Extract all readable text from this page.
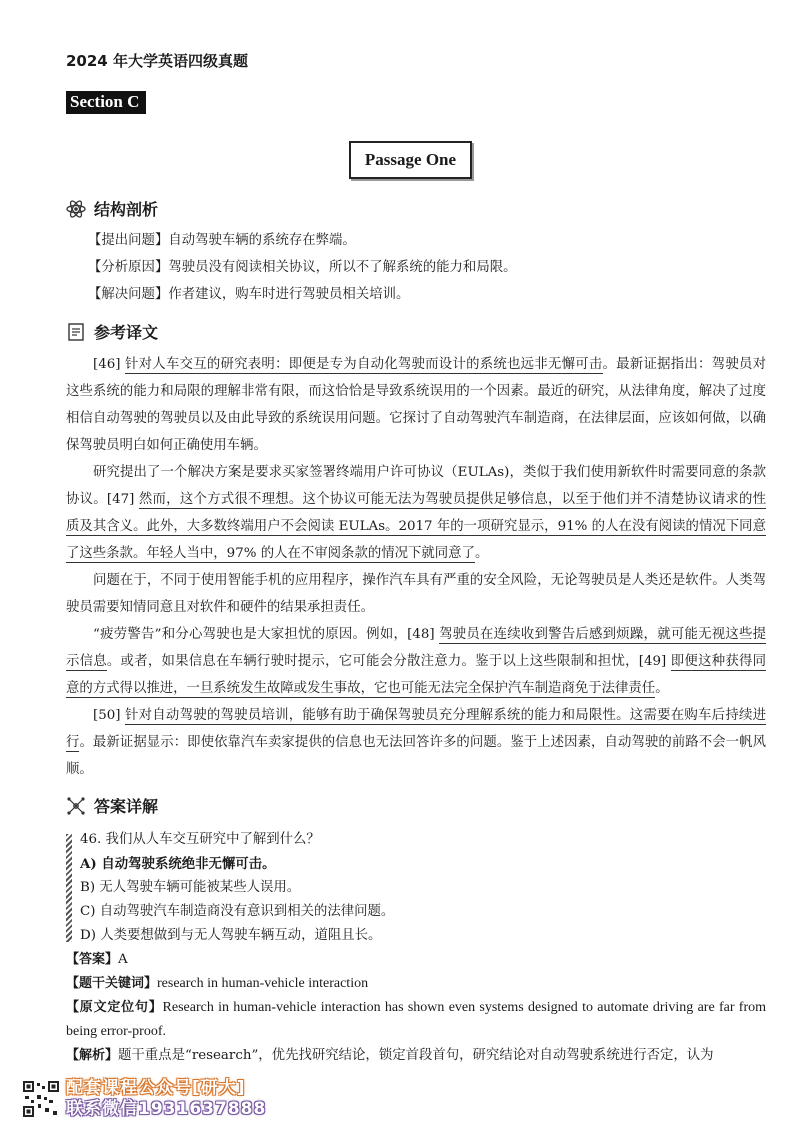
2024 年大学英语四级真题
Section C
Passage One
结构剖析
【提出问题】自动驾驶车辆的系统存在弊端。
【分析原因】驾驶员没有阅读相关协议，所以不了解系统的能力和局限。
【解决问题】作者建议，购车时进行驾驶员相关培训。
参考译文

[46] 针对人车交互的研究表明：即便是专为自动化驾驶而设计的系统也远非无懈可击。最新证据指出：驾驶员对这些系统的能力和局限的理解非常有限，而这恰恰是导致系统误用的一个因素。最近的研究，从法律角度，解决了过度相信自动驾驶的驾驶员以及由此导致的系统误用问题。它探讨了自动驾驶汽车制造商，在法律层面，应该如何做，以确保驾驶员明白如何正确使用车辆。

研究提出了一个解决方案是要求买家签署终端用户许可协议（EULAs)，类似于我们使用新软件时需要同意的条款协议。[47] 然而，这个方式很不理想。这个协议可能无法为驾驶员提供足够信息，以至于他们并不清楚协议请求的性质及其含义。此外，大多数终端用户不会阅读 EULAs。2017 年的一项研究显示，91% 的人在没有阅读的情况下同意了这些条款。年轻人当中，97% 的人在不审阅条款的情况下就同意了。

问题在于，不同于使用智能手机的应用程序，操作汽车具有严重的安全风险，无论驾驶员是人类还是软件。人类驾驶员需要知情同意且对软件和硬件的结果承担责任。

“疲劳警告”和分心驾驶也是大家担忧的原因。例如，[48] 驾驶员在连续收到警告后感到烦躁，就可能无视这些提示信息。或者，如果信息在车辆行驶时提示，它可能会分散注意力。鉴于以上这些限制和担忧，[49] 即便这种获得同意的方式得以推进，一旦系统发生故障或发生事故，它也可能无法完全保护汽车制造商免于法律责任。

[50] 针对自动驾驶的驾驶员培训，能够有助于确保驾驶员充分理解系统的能力和局限性。这需要在购车后持续进行。最新证据显示：即使依靠汽车卖家提供的信息也无法回答许多的问题。鉴于上述因素，自动驾驶的前路不会一帆风顺。

答案详解
46. 我们从人车交互研究中了解到什么？
A) 自动驾驶系统绝非无懈可击。
B) 无人驾驶车辆可能被某些人误用。
C) 自动驾驶汽车制造商没有意识到相关的法律问题。
D) 人类要想做到与无人驾驶车辆互动，道阻且长。
【答案】A
【题干关键词】research in human-vehicle interaction
【原文定位句】Research in human-vehicle interaction has shown even systems designed to automate driving are far from being error-proof.
【解析】题干重点是“research”，优先找研究结论，锁定首段首句，研究结论对自动驾驶系统进行否定，认为
配套课程公众号[研大]
联系微信1931637888
